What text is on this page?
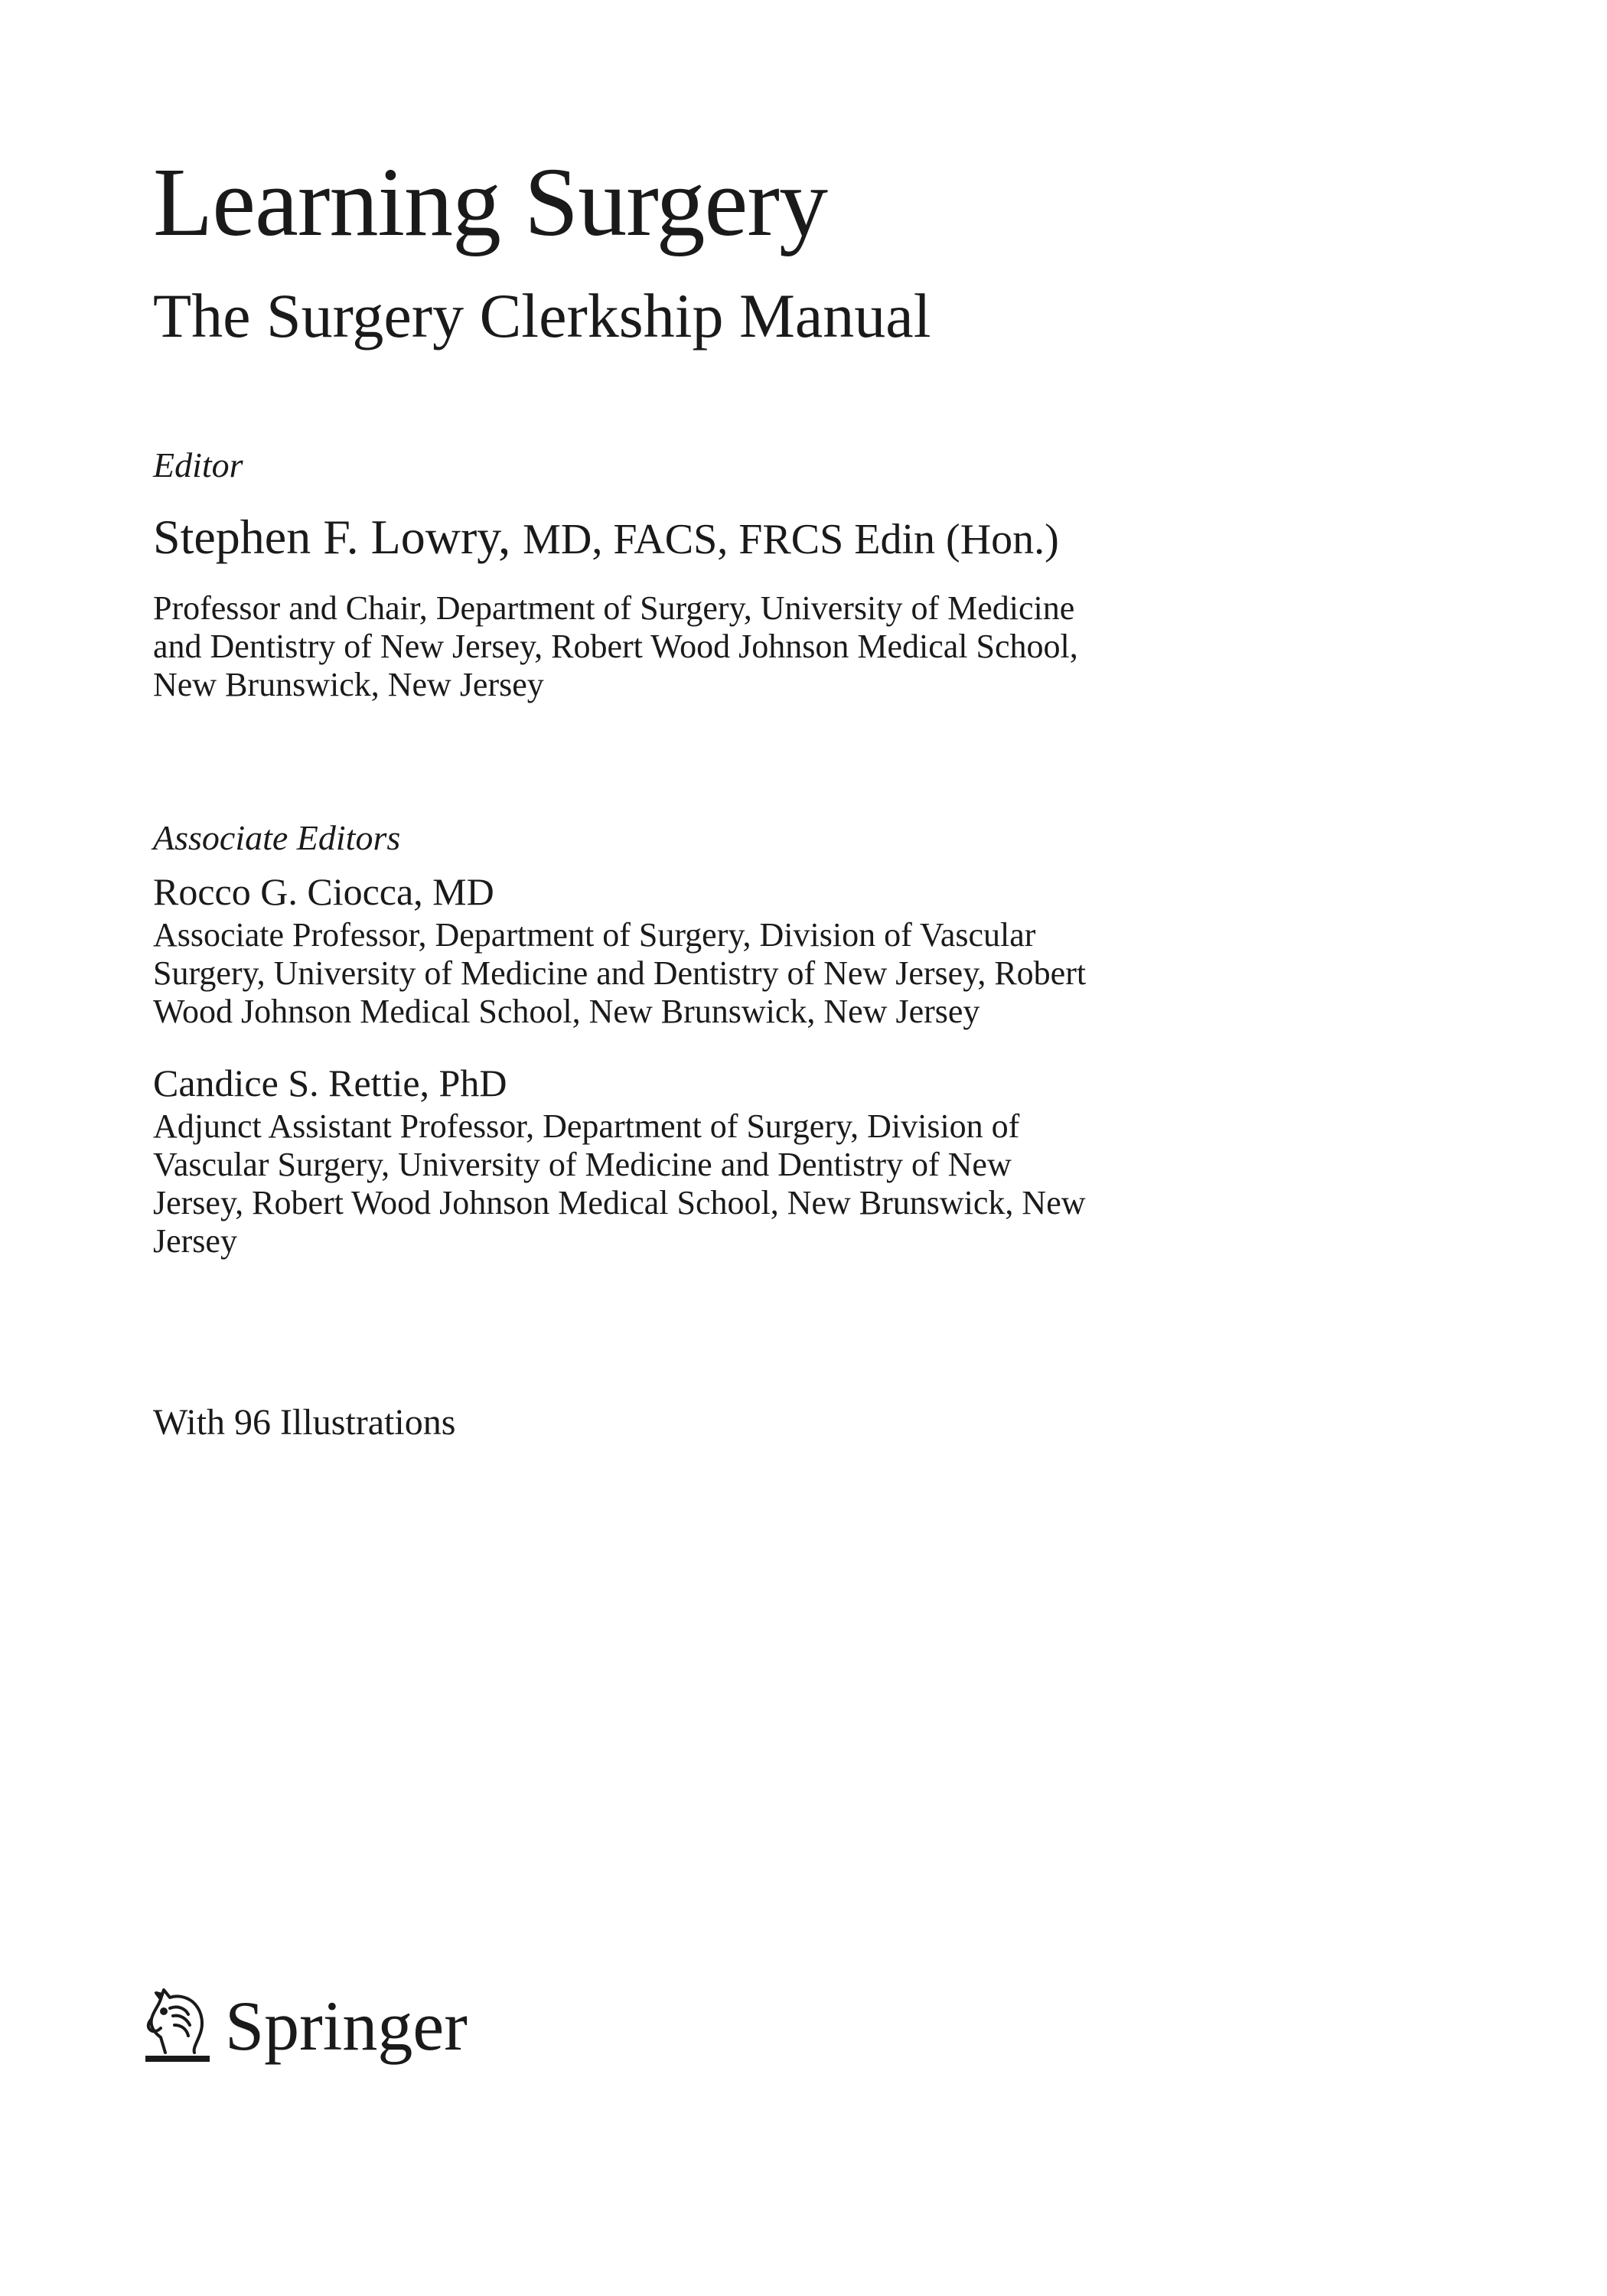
Learning Surgery
The Surgery Clerkship Manual
Editor
Stephen F. Lowry, MD, FACS, FRCS Edin (Hon.)
Professor and Chair, Department of Surgery, University of Medicine
and Dentistry of New Jersey, Robert Wood Johnson Medical School,
New Brunswick, New Jersey
Associate Editors
Rocco G. Ciocca, MD
Associate Professor, Department of Surgery, Division of Vascular
Surgery, University of Medicine and Dentistry of New Jersey, Robert
Wood Johnson Medical School, New Brunswick, New Jersey
Candice S. Rettie, PhD
Adjunct Assistant Professor, Department of Surgery, Division of
Vascular Surgery, University of Medicine and Dentistry of New
Jersey, Robert Wood Johnson Medical School, New Brunswick, New
Jersey
With 96 Illustrations
Springer
